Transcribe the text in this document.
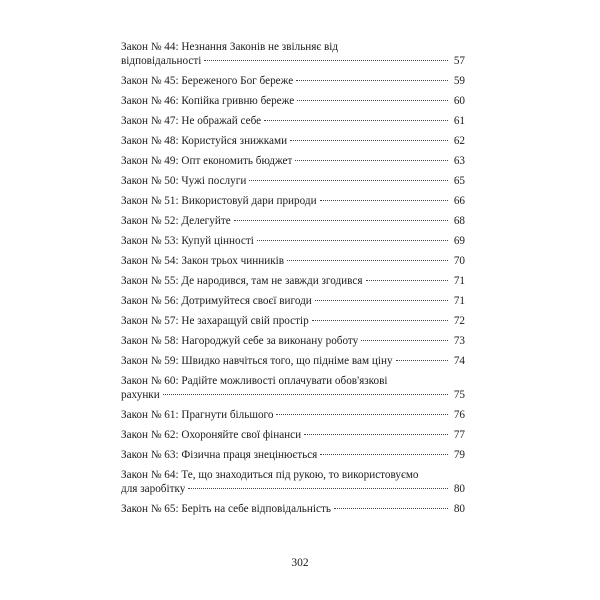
Закон № 44: Незнання Законів не звільняє від
відповідальності	57
Закон № 45: Береженого Бог береже	59
Закон № 46: Копійка гривню береже	60
Закон № 47: Не ображай себе	61
Закон № 48: Користуйся знижками	62
Закон № 49: Опт економить бюджет	63
Закон № 50: Чужі послуги	65
Закон № 51: Використовуй дари природи	66
Закон № 52: Делегуйте	68
Закон № 53: Купуй цінності	69
Закон № 54: Закон трьох чинників	70
Закон № 55: Де народився, там не завжди згодився	71
Закон № 56: Дотримуйтеся своєї вигоди	71
Закон № 57: Не захаращуй свій простір	72
Закон № 58: Нагороджуй себе за виконану роботу	73
Закон № 59: Швидко навчіться того, що підніме вам ціну	74
Закон № 60: Радійте можливості оплачувати обов'язкові
рахунки	75
Закон № 61: Прагнути більшого	76
Закон № 62: Охороняйте свої фінанси	77
Закон № 63: Фізична праця знецінюється	79
Закон № 64: Те, що знаходиться під рукою, то використовуємо
для заробітку	80
Закон № 65: Беріть на себе відповідальність	80
302
